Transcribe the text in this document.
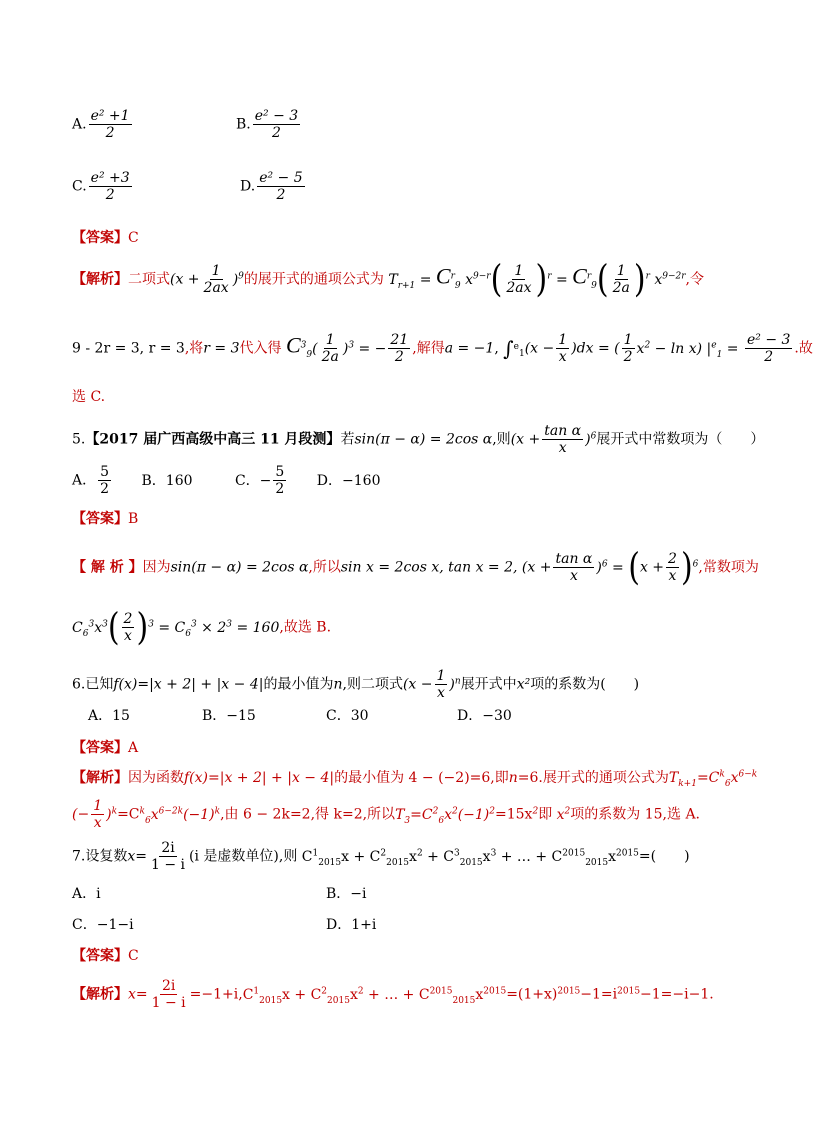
A. $\frac{\text{e² +1}}{2}$	B. $\frac{\text{e² − 3}}{2}$
C. $\frac{\text{e² +3}}{2}$	D. $\frac{\text{e² − 5}}{2}$
【答案】C
【解析】二项式$(x + \frac{1}{2ax} )^9$的展开式的通项公式为 $T_{r+1} = C^r_9$ $x^{9-r}( \frac{1}{2ax} )^r = C^r_9( \frac{1}{2a} )^r$ $x^{9-2r}$,令
9 - 2r = 3, r = 3,将r = 3代入得 $C^3_9( \frac{1}{2a} )^3$ = − $\frac{21}{2}$ ,解得a = −1, $\int^e_1(x - \frac{1}{x} )dx$ = ( $\frac{1}{2} x^2 - \ln x$) $|^e_1 = \frac{\text{e² − 3}}{2}$ .故
选 C.
5.【2017 届广西高级中高三 11 月段测】若sin(π − α) = 2cos α,则$(x + \frac{\text{tan α}}{x} )^6$展开式中常数项为（　　）
A． $\frac{5}{2}$ B．160	C．− $\frac{5}{2}$ D．−160
【答案】B
【 解 析 】因为sin(π − α) = 2cos α,所以sin x = 2cos x, tan x = 2, $(x + \frac{\text{tan α}}{x} )^6 = (x + \frac{2}{x} )^6$,常数项为
$C_6^3x^3( \frac{2}{x} )^3 = C_6^3 \times 2^3 = 160$,故选 B.
6.已知f(x)=|x + 2| + |x − 4|的最小值为n,则二项式$(x - \frac{1}{x} )^n$展开式中x²项的系数为(　　)
A．15	B．−15	C．30	D．−30
【答案】A
【解析】因为函数f(x)=|x + 2| + |x − 4|的最小值为 4 − (−2)=6,即n=6.展开式的通项公式为$T_{k+1}=C^k_6x^{6-k}$
(− $\frac{1}{x} )^k=C^k_6x^{6-2k}(-1)^k$,由 6 − 2k=2,得 k=2,所以$T_3=C^2_6x^2(-1)^2=15x^2$即 $x^2$项的系数为 15,选 A.
7.设复数$x= \frac{2i}{1 - i} (i$ 是虚数单位),则 $C^1_{2015}x + C^2_{2015}x^2 + C^3_{2015}x^3$ + … + $C^{2015}_{2015}x^{2015}=$(　　)
A．i	B．−i
C．−1−i	D．1+i
【答案】C
【解析】$x= \frac{2i}{1 - i} =-1+i,C^1_{2015}x + C^2_{2015}x^2$ + … + $C^{2015}_{2015}x^{2015}=(1+x)^{2015}-1=i^{2015}-1=-i-1$.
